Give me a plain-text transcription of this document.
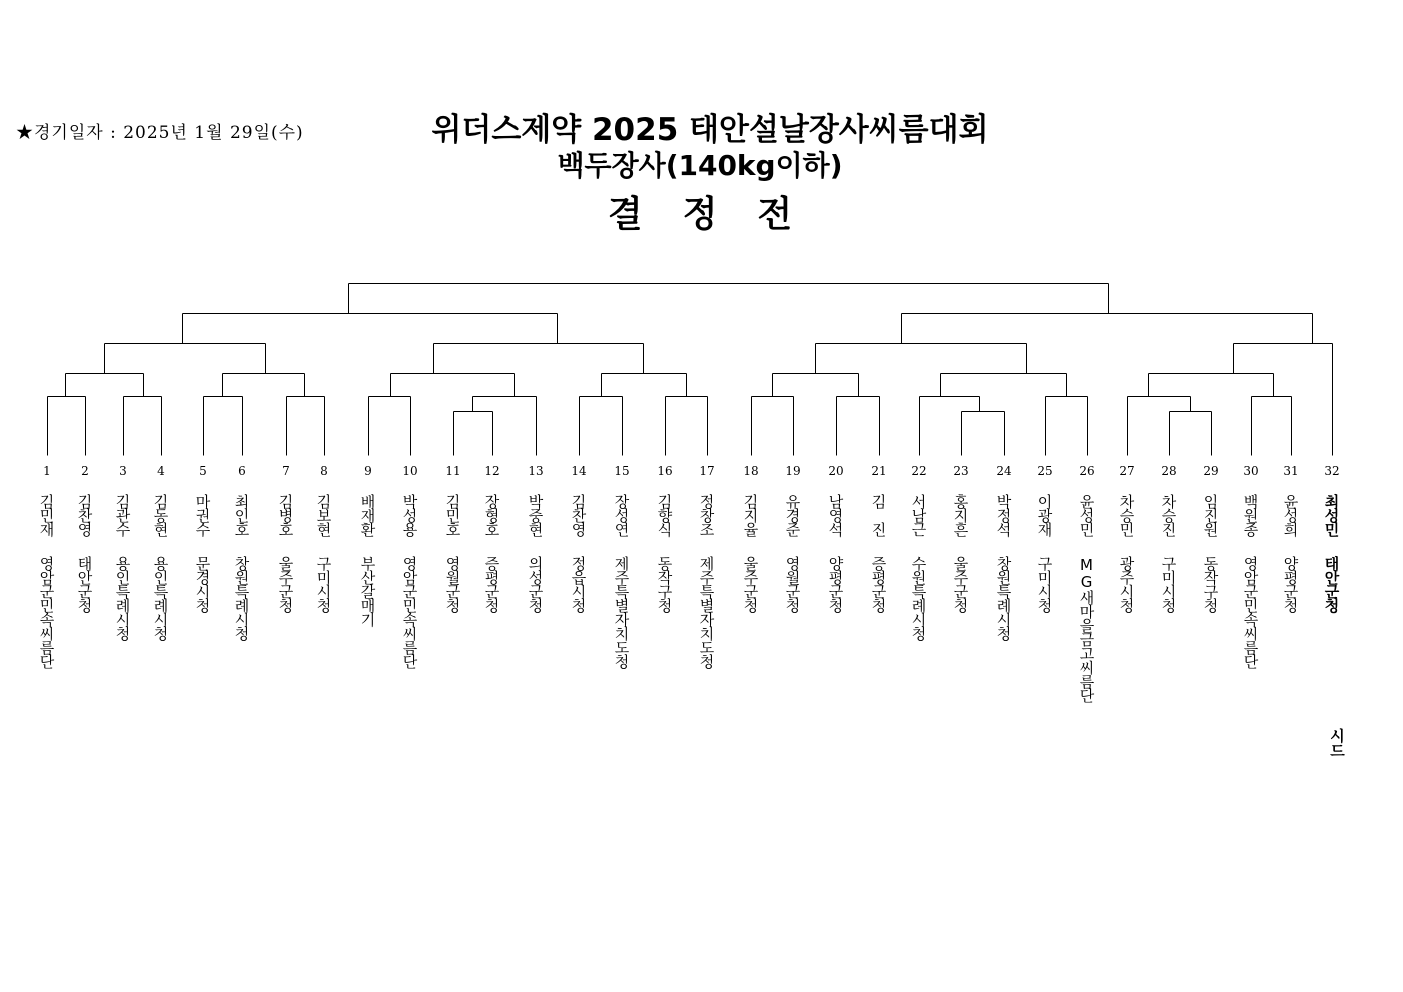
★경기일자 : 2025년 1월 29일(수)	위더스제약 2025 태안설날장사씨름대회
백두장사(140kg이하)
결정전
1
김민재
영암군민속씨름단
2
김찬영
태안군청
3
김관수
용인특례시청
4
김동현
용인특례시청
5
마권수
문경시청
6
최인호
창원특례시청
7
김병호
울주군청
8
김보현
구미시청
9
배재환
부산갈매기
10
박성용
영암군민속씨름단
11
김민호
영월군청
12
장형호
증평군청
13
박중현
의성군청
14
김찬영
정읍시청
15
장성연
제주특별자치도청
16
김향식
동작구청
17
정창조
제주특별자치도청
18
김지율
울주군청
19
유경준
영월군청
20
남영석
양평군청
21
김　진
증평군청
22
서남근
수원특례시청
23
홍지흔
울주군청
24
박정석
창원특례시청
25
이광재
구미시청
26
윤성민
MG새마을금고씨름단
27
차승민
광주시청
28
차승진
구미시청
29
임진원
동작구청
30
백원종
영암군민속씨름단
31
윤성희
양평군청
32
최성민
태안군청
시드
